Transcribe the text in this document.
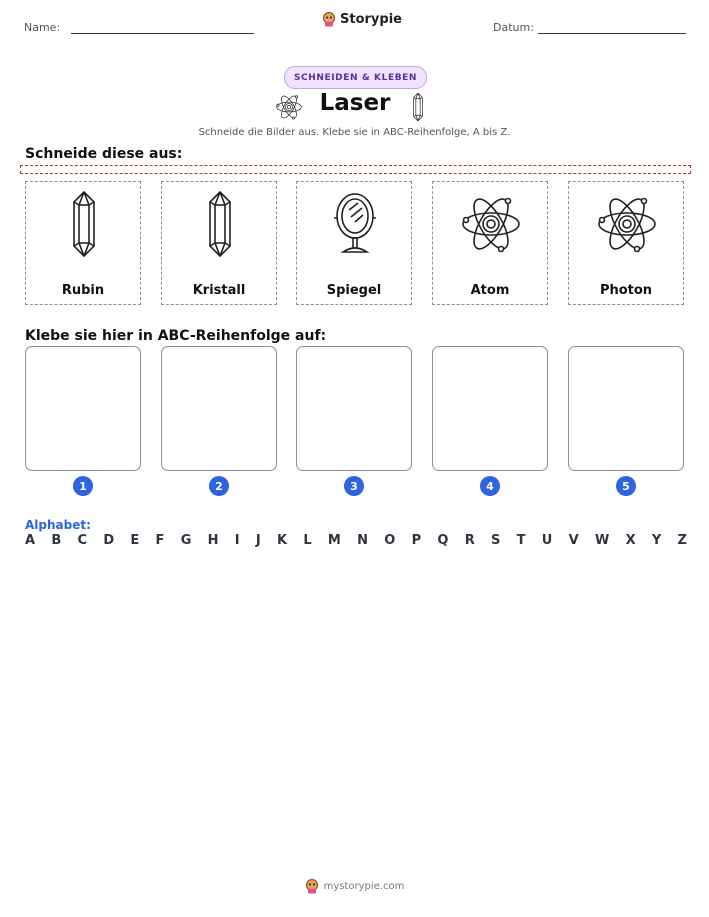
Name:
Storypie
Datum:
SCHNEIDEN & KLEBEN
Laser
Schneide die Bilder aus. Klebe sie in ABC-Reihenfolge, A bis Z.
Schneide diese aus:
Rubin	Kristall	Spiegel	Atom	Photon
Klebe sie hier in ABC-Reihenfolge auf:
1	2	3	4	5
Alphabet:
A B C D E F G H I J K L M N O P Q R S T U V W X Y Z
mystorypie.com
